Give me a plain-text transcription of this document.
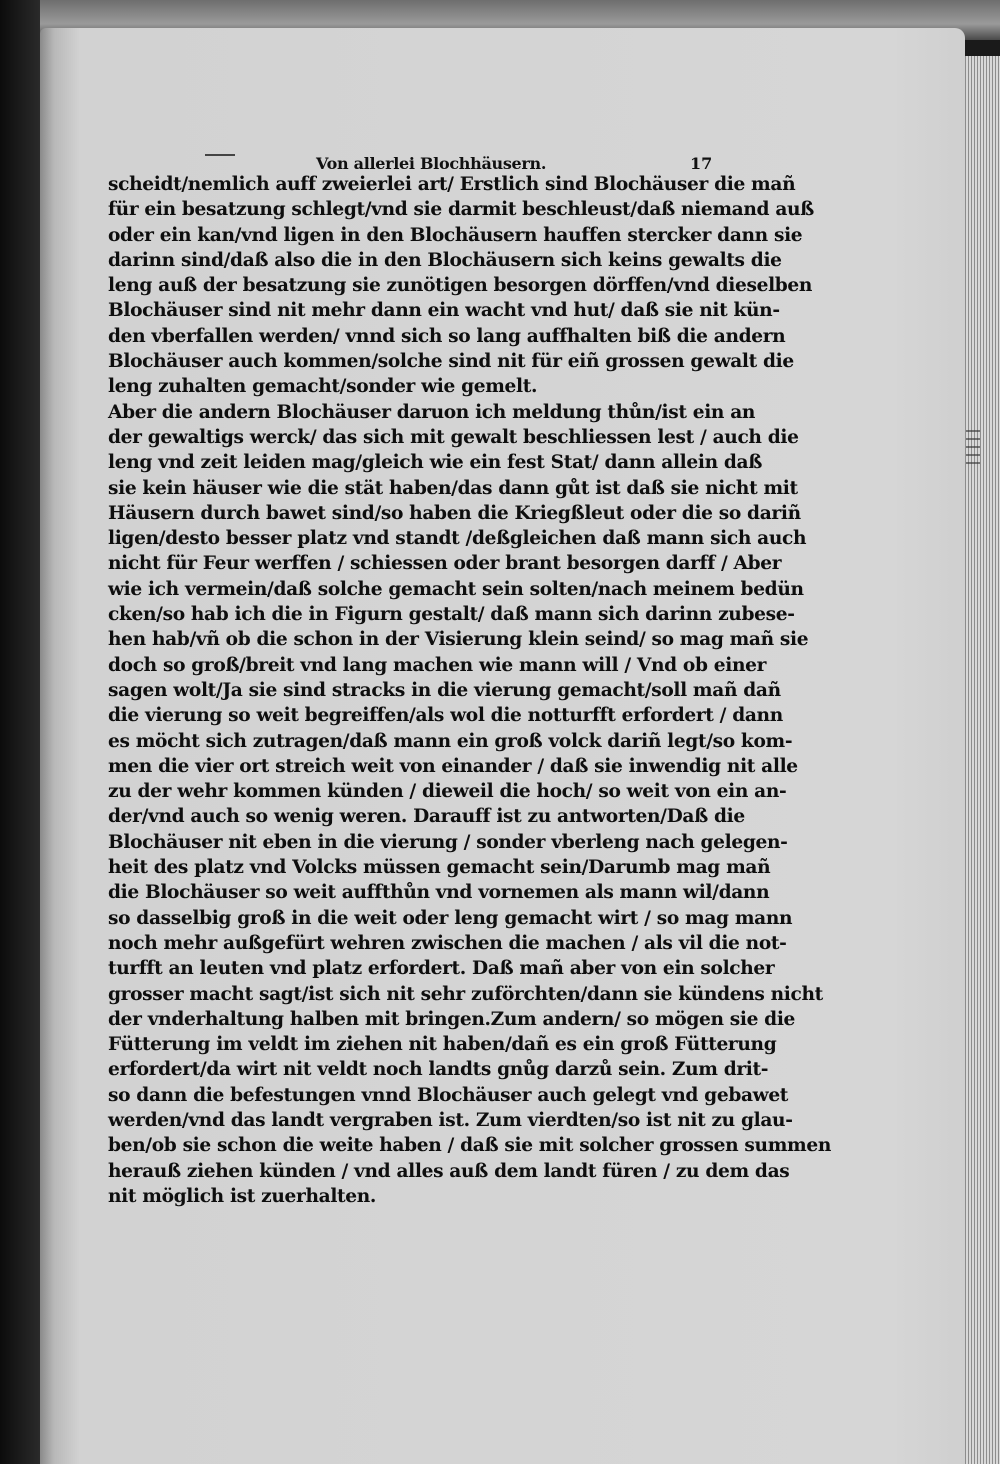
Von allerlei Blochhäusern.	17
scheidt/nemlich auff zweierlei art/ Erstlich sind Blochäuser die mañ
für ein besatzung schlegt/vnd sie darmit beschleust/daß niemand auß
oder ein kan/vnd ligen in den Blochäusern hauffen stercker dann sie
darinn sind/daß also die in den Blochäusern sich keins gewalts die
leng auß der besatzung sie zunötigen besorgen dörffen/vnd dieselben
Blochäuser sind nit mehr dann ein wacht vnd hut/ daß sie nit kün-
den vberfallen werden/ vnnd sich so lang auffhalten biß die andern
Blochäuser auch kommen/solche sind nit für eiñ grossen gewalt die
leng zuhalten gemacht/sonder wie gemelt.
Aber die andern Blochäuser daruon ich meldung thůn/ist ein an
der gewaltigs werck/ das sich mit gewalt beschliessen lest / auch die
leng vnd zeit leiden mag/gleich wie ein fest Stat/ dann allein daß
sie kein häuser wie die stät haben/das dann gůt ist daß sie nicht mit
Häusern durch bawet sind/so haben die Kriegßleut oder die so dariñ
ligen/desto besser platz vnd standt /deßgleichen daß mann sich auch
nicht für Feur werffen / schiessen oder brant besorgen darff / Aber
wie ich vermein/daß solche gemacht sein solten/nach meinem bedün
cken/so hab ich die in Figurn gestalt/ daß mann sich darinn zubese-
hen hab/vñ ob die schon in der Visierung klein seind/ so mag mañ sie
doch so groß/breit vnd lang machen wie mann will / Vnd ob einer
sagen wolt/Ja sie sind stracks in die vierung gemacht/soll mañ dañ
die vierung so weit begreiffen/als wol die notturfft erfordert / dann
es möcht sich zutragen/daß mann ein groß volck dariñ legt/so kom-
men die vier ort streich weit von einander / daß sie inwendig nit alle
zu der wehr kommen künden / dieweil die hoch/ so weit von ein an-
der/vnd auch so wenig weren. Darauff ist zu antworten/Daß die
Blochäuser nit eben in die vierung / sonder vberleng nach gelegen-
heit des platz vnd Volcks müssen gemacht sein/Darumb mag mañ
die Blochäuser so weit auffthůn vnd vornemen als mann wil/dann
so dasselbig groß in die weit oder leng gemacht wirt / so mag mann
noch mehr außgefürt wehren zwischen die machen / als vil die not-
turfft an leuten vnd platz erfordert. Daß mañ aber von ein solcher
grosser macht sagt/ist sich nit sehr zuförchten/dann sie kündens nicht
der vnderhaltung halben mit bringen.Zum andern/ so mögen sie die
Fütterung im veldt im ziehen nit haben/dañ es ein groß Fütterung
erfordert/da wirt nit veldt noch landts gnůg darzů sein. Zum drit-
so dann die befestungen vnnd Blochäuser auch gelegt vnd gebawet
werden/vnd das landt vergraben ist. Zum vierdten/so ist nit zu glau-
ben/ob sie schon die weite haben / daß sie mit solcher grossen summen
herauß ziehen künden / vnd alles auß dem landt füren / zu dem das
nit möglich ist zuerhalten.
